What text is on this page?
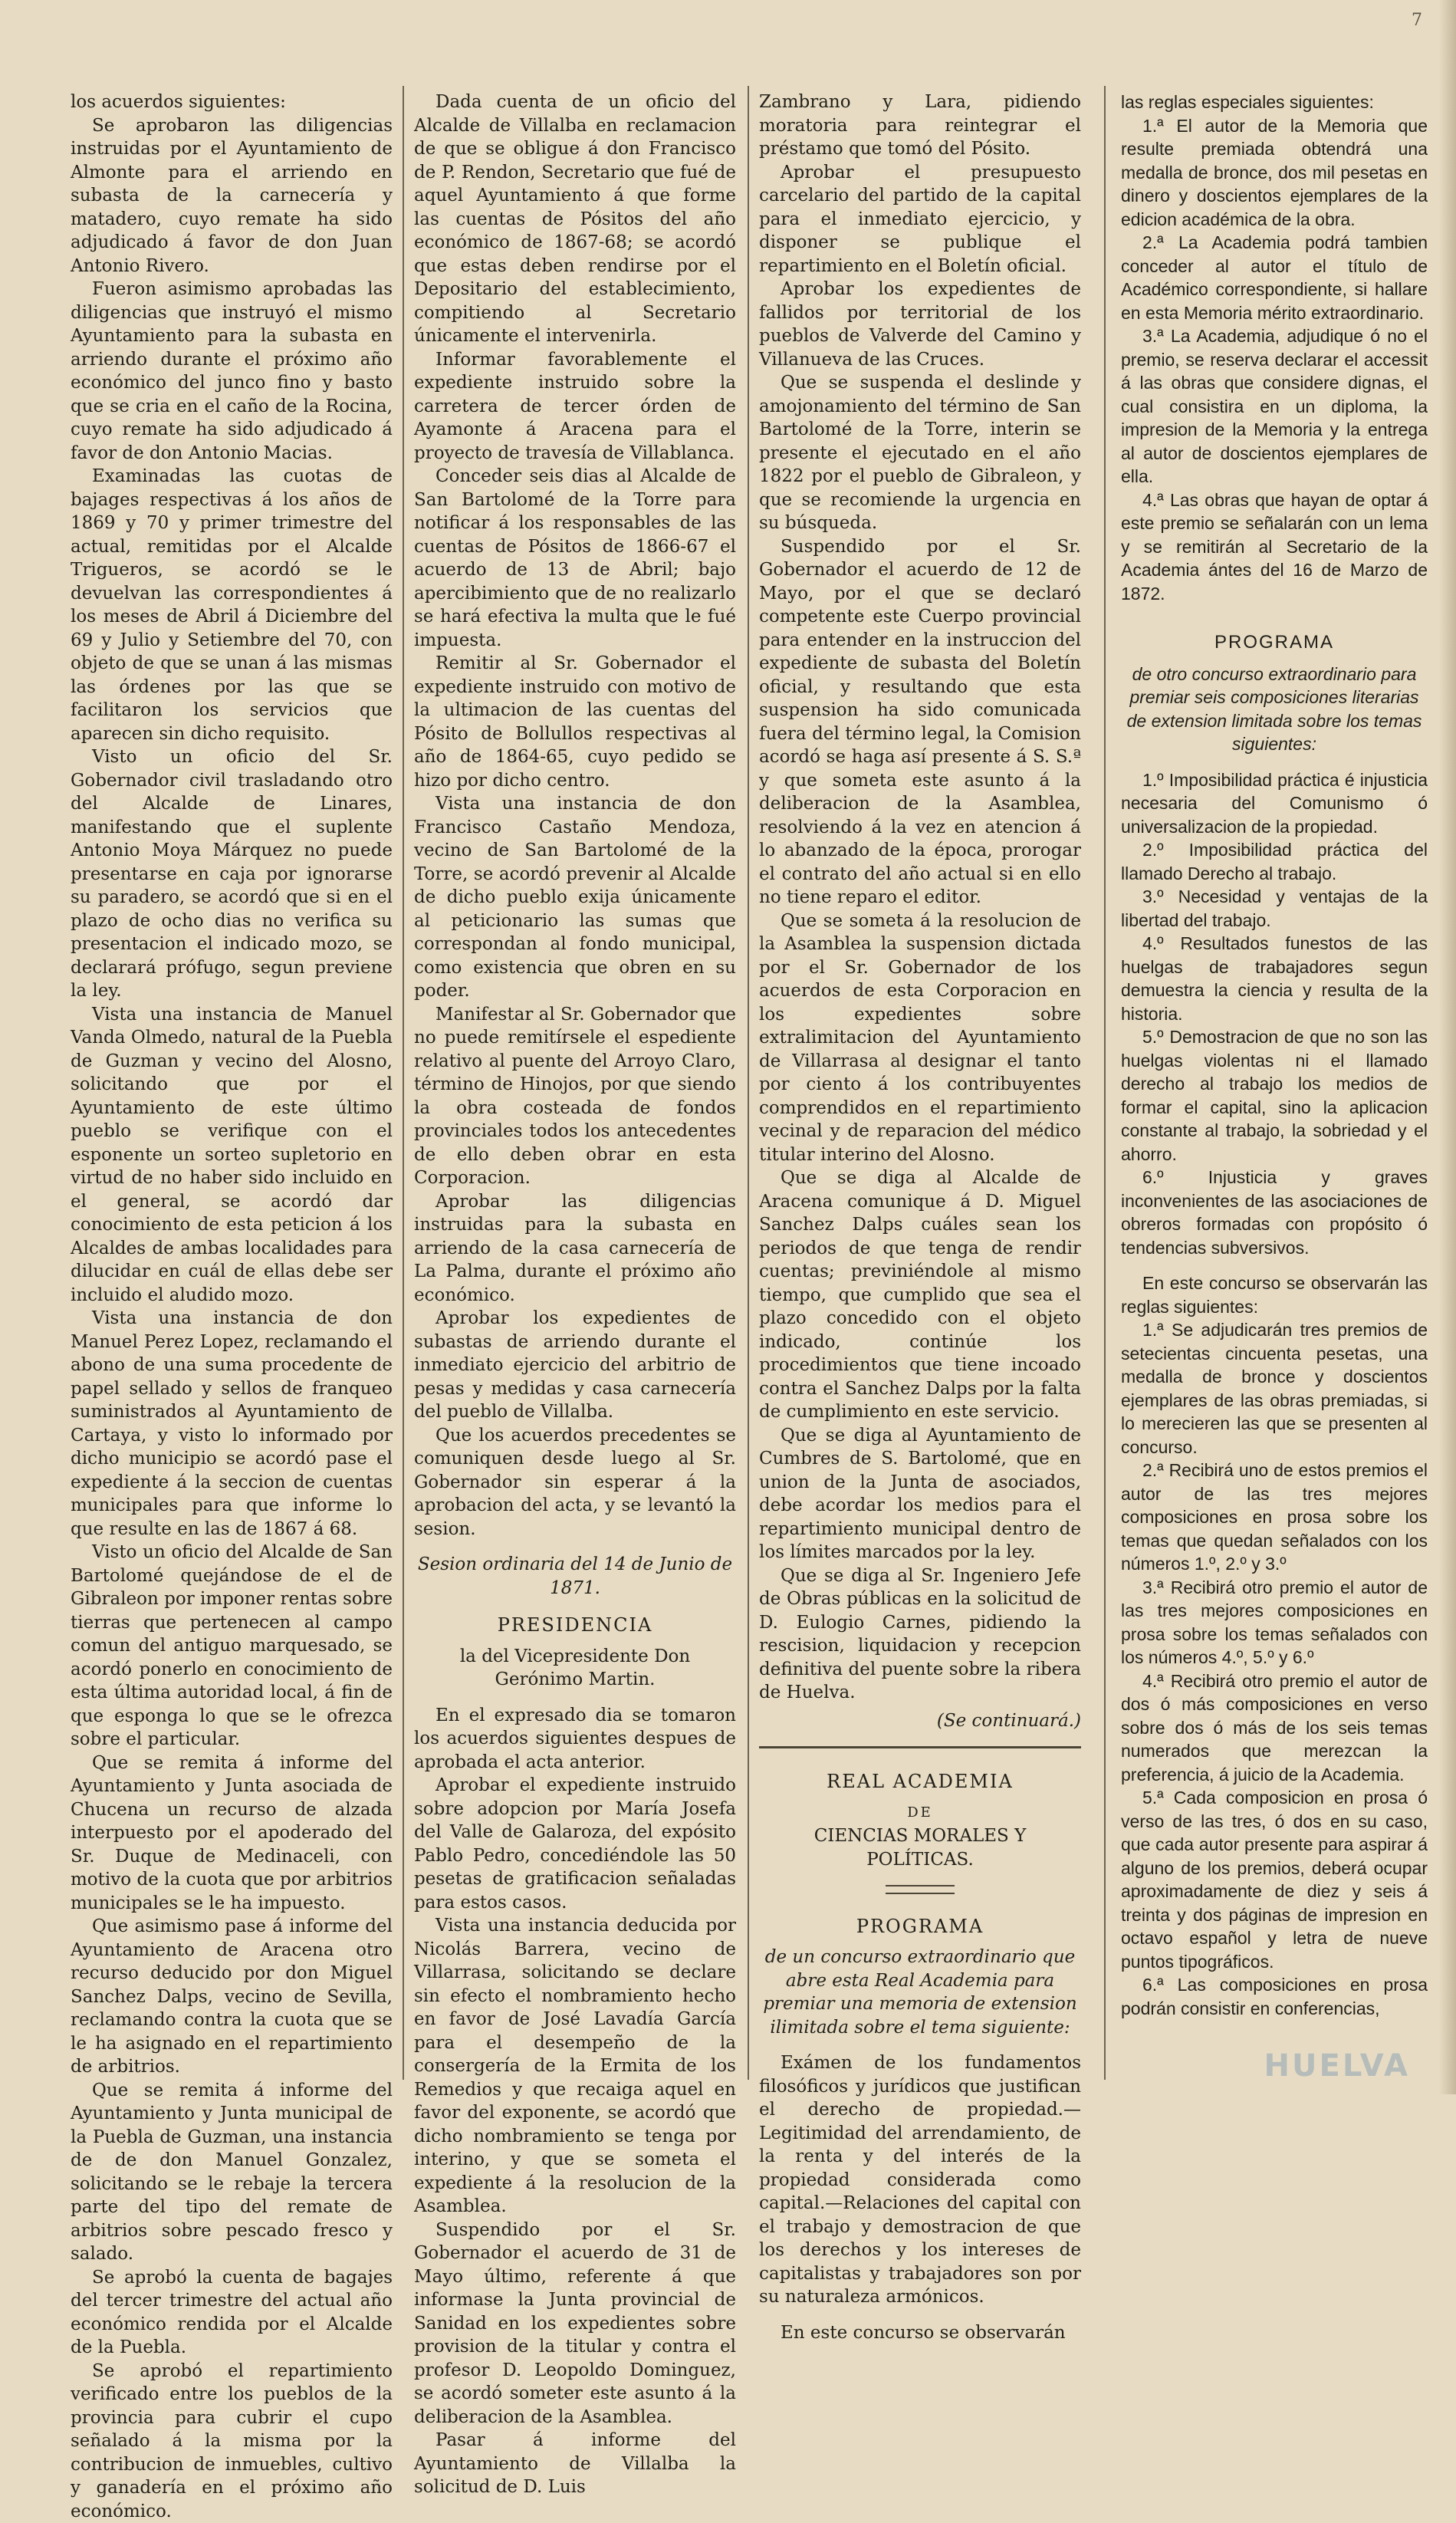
7

los acuerdos siguientes:

Se aprobaron las diligencias instruidas por el Ayuntamiento de Almonte para el arriendo en subasta de la carnecería y matadero, cuyo remate ha sido adjudicado á favor de don Juan Antonio Rivero.

Fueron asimismo aprobadas las diligencias que instruyó el mismo Ayuntamiento para la subasta en arriendo durante el próximo año económico del junco fino y basto que se cria en el caño de la Rocina, cuyo remate ha sido adjudicado á favor de don Antonio Macias.

Examinadas las cuotas de bajages respectivas á los años de 1869 y 70 y primer trimestre del actual, remitidas por el Alcalde Trigueros, se acordó se le devuelvan las correspondientes á los meses de Abril á Diciembre del 69 y Julio y Setiembre del 70, con objeto de que se unan á las mismas las órdenes por las que se facilitaron los servicios que aparecen sin dicho requisito.

Visto un oficio del Sr. Gobernador civil trasladando otro del Alcalde de Linares, manifestando que el suplente Antonio Moya Márquez no puede presentarse en caja por ignorarse su paradero, se acordó que si en el plazo de ocho dias no verifica su presentacion el indicado mozo, se declarará prófugo, segun previene la ley.

Vista una instancia de Manuel Vanda Olmedo, natural de la Puebla de Guzman y vecino del Alosno, solicitando que por el Ayuntamiento de este último pueblo se verifique con el esponente un sorteo supletorio en virtud de no haber sido incluido en el general, se acordó dar conocimiento de esta peticion á los Alcaldes de ambas localidades para dilucidar en cuál de ellas debe ser incluido el aludido mozo.

Vista una instancia de don Manuel Perez Lopez, reclamando el abono de una suma procedente de papel sellado y sellos de franqueo suministrados al Ayuntamiento de Cartaya, y visto lo informado por dicho municipio se acordó pase el expediente á la seccion de cuentas municipales para que informe lo que resulte en las de 1867 á 68.

Visto un oficio del Alcalde de San Bartolomé quejándose de el de Gibraleon por imponer rentas sobre tierras que pertenecen al campo comun del antiguo marquesado, se acordó ponerlo en conocimiento de esta última autoridad local, á fin de que esponga lo que se le ofrezca sobre el particular.

Que se remita á informe del Ayuntamiento y Junta asociada de Chucena un recurso de alzada interpuesto por el apoderado del Sr. Duque de Medinaceli, con motivo de la cuota que por arbitrios municipales se le ha impuesto.

Que asimismo pase á informe del Ayuntamiento de Aracena otro recurso deducido por don Miguel Sanchez Dalps, vecino de Sevilla, reclamando contra la cuota que se le ha asignado en el repartimiento de arbitrios.

Que se remita á informe del Ayuntamiento y Junta municipal de la Puebla de Guzman, una instancia de de don Manuel Gonzalez, solicitando se le rebaje la tercera parte del tipo del remate de arbitrios sobre pescado fresco y salado.

Se aprobó la cuenta de bagajes del tercer trimestre del actual año económico rendida por el Alcalde de la Puebla.

Se aprobó el repartimiento verificado entre los pueblos de la provincia para cubrir el cupo señalado á la misma por la contribucion de inmuebles, cultivo y ganadería en el próximo año económico.

Dada cuenta de un oficio del Alcalde de Villalba en reclamacion de que se obligue á don Francisco de P. Rendon, Secretario que fué de aquel Ayuntamiento á que forme las cuentas de Pósitos del año económico de 1867-68; se acordó que estas deben rendirse por el Depositario del establecimiento, compitiendo al Secretario únicamente el intervenirla.

Informar favorablemente el expediente instruido sobre la carretera de tercer órden de Ayamonte á Aracena para el proyecto de travesía de Villablanca.

Conceder seis dias al Alcalde de San Bartolomé de la Torre para notificar á los responsables de las cuentas de Pósitos de 1866-67 el acuerdo de 13 de Abril; bajo apercibimiento que de no realizarlo se hará efectiva la multa que le fué impuesta.

Remitir al Sr. Gobernador el expediente instruido con motivo de la ultimacion de las cuentas del Pósito de Bollullos respectivas al año de 1864-65, cuyo pedido se hizo por dicho centro.

Vista una instancia de don Francisco Castaño Mendoza, vecino de San Bartolomé de la Torre, se acordó prevenir al Alcalde de dicho pueblo exija únicamente al peticionario las sumas que correspondan al fondo municipal, como existencia que obren en su poder.

Manifestar al Sr. Gobernador que no puede remitírsele el espediente relativo al puente del Arroyo Claro, término de Hinojos, por que siendo la obra costeada de fondos provinciales todos los antecedentes de ello deben obrar en esta Corporacion.

Aprobar las diligencias instruidas para la subasta en arriendo de la casa carnecería de La Palma, durante el próximo año económico.

Aprobar los expedientes de subastas de arriendo durante el inmediato ejercicio del arbitrio de pesas y medidas y casa carnecería del pueblo de Villalba.

Que los acuerdos precedentes se comuniquen desde luego al Sr. Gobernador sin esperar á la aprobacion del acta, y se levantó la sesion.

Sesion ordinaria del 14 de Junio de 1871.

PRESIDENCIA

la del Vicepresidente Don Gerónimo Martin.

En el expresado dia se tomaron los acuerdos siguientes despues de aprobada el acta anterior.

Aprobar el expediente instruido sobre adopcion por María Josefa del Valle de Galaroza, del expósito Pablo Pedro, concediéndole las 50 pesetas de gratificacion señaladas para estos casos.

Vista una instancia deducida por Nicolás Barrera, vecino de Villarrasa, solicitando se declare sin efecto el nombramiento hecho en favor de José Lavadía García para el desempeño de la consergería de la Ermita de los Remedios y que recaiga aquel en favor del exponente, se acordó que dicho nombramiento se tenga por interino, y que se someta el expediente á la resolucion de la Asamblea.

Suspendido por el Sr. Gobernador el acuerdo de 31 de Mayo último, referente á que informase la Junta provincial de Sanidad en los expedientes sobre provision de la titular y contra el profesor D. Leopoldo Dominguez, se acordó someter este asunto á la deliberacion de la Asamblea.

Pasar á informe del Ayuntamiento de Villalba la solicitud de D. Luis

Zambrano y Lara, pidiendo moratoria para reintegrar el préstamo que tomó del Pósito.

Aprobar el presupuesto carcelario del partido de la capital para el inmediato ejercicio, y disponer se publique el repartimiento en el Boletín oficial.

Aprobar los expedientes de fallidos por territorial de los pueblos de Valverde del Camino y Villanueva de las Cruces.

Que se suspenda el deslinde y amojonamiento del término de San Bartolomé de la Torre, interin se presente el ejecutado en el año 1822 por el pueblo de Gibraleon, y que se recomiende la urgencia en su búsqueda.

Suspendido por el Sr. Gobernador el acuerdo de 12 de Mayo, por el que se declaró competente este Cuerpo provincial para entender en la instruccion del expediente de subasta del Boletín oficial, y resultando que esta suspension ha sido comunicada fuera del término legal, la Comision acordó se haga así presente á S. S.ª y que someta este asunto á la deliberacion de la Asamblea, resolviendo á la vez en atencion á lo abanzado de la época, prorogar el contrato del año actual si en ello no tiene reparo el editor.

Que se someta á la resolucion de la Asamblea la suspension dictada por el Sr. Gobernador de los acuerdos de esta Corporacion en los expedientes sobre extralimitacion del Ayuntamiento de Villarrasa al designar el tanto por ciento á los contribuyentes comprendidos en el repartimiento vecinal y de reparacion del médico titular interino del Alosno.

Que se diga al Alcalde de Aracena comunique á D. Miguel Sanchez Dalps cuáles sean los periodos de que tenga de rendir cuentas; previniéndole al mismo tiempo, que cumplido que sea el plazo concedido con el objeto indicado, continúe los procedimientos que tiene incoado contra el Sanchez Dalps por la falta de cumplimiento en este servicio.

Que se diga al Ayuntamiento de Cumbres de S. Bartolomé, que en union de la Junta de asociados, debe acordar los medios para el repartimiento municipal dentro de los límites marcados por la ley.

Que se diga al Sr. Ingeniero Jefe de Obras públicas en la solicitud de D. Eulogio Carnes, pidiendo la rescision, liquidacion y recepcion definitiva del puente sobre la ribera de Huelva.

(Se continuará.)

REAL ACADEMIA

DE

CIENCIAS MORALES Y POLÍTICAS.

PROGRAMA

de un concurso extraordinario que abre esta Real Academia para premiar una memoria de extension ilimitada sobre el tema siguiente:

Exámen de los fundamentos filosóficos y jurídicos que justifican el derecho de propiedad.—Legitimidad del arrendamiento, de la renta y del interés de la propiedad considerada como capital.—Relaciones del capital con el trabajo y demostracion de que los derechos y los intereses de capitalistas y trabajadores son por su naturaleza armónicos.

En este concurso se observarán

las reglas especiales siguientes:

1.ª El autor de la Memoria que resulte premiada obtendrá una medalla de bronce, dos mil pesetas en dinero y doscientos ejemplares de la edicion académica de la obra.

2.ª La Academia podrá tambien conceder al autor el título de Académico correspondiente, si hallare en esta Memoria mérito extraordinario.

3.ª La Academia, adjudique ó no el premio, se reserva declarar el accessit á las obras que considere dignas, el cual consistira en un diploma, la impresion de la Memoria y la entrega al autor de doscientos ejemplares de ella.

4.ª Las obras que hayan de optar á este premio se señalarán con un lema y se remitirán al Secretario de la Academia ántes del 16 de Marzo de 1872.

PROGRAMA

de otro concurso extraordinario para premiar seis composiciones literarias de extension limitada sobre los temas siguientes:

1.º Imposibilidad práctica é injusticia necesaria del Comunismo ó universalizacion de la propiedad.

2.º Imposibilidad práctica del llamado Derecho al trabajo.

3.º Necesidad y ventajas de la libertad del trabajo.

4.º Resultados funestos de las huelgas de trabajadores segun demuestra la ciencia y resulta de la historia.

5.º Demostracion de que no son las huelgas violentas ni el llamado derecho al trabajo los medios de formar el capital, sino la aplicacion constante al trabajo, la sobriedad y el ahorro.

6.º Injusticia y graves inconvenientes de las asociaciones de obreros formadas con propósito ó tendencias subversivos.

En este concurso se observarán las reglas siguientes:

1.ª Se adjudicarán tres premios de setecientas cincuenta pesetas, una medalla de bronce y doscientos ejemplares de las obras premiadas, si lo merecieren las que se presenten al concurso.

2.ª Recibirá uno de estos premios el autor de las tres mejores composiciones en prosa sobre los temas que quedan señalados con los números 1.º, 2.º y 3.º

3.ª Recibirá otro premio el autor de las tres mejores composiciones en prosa sobre los temas señalados con los números 4.º, 5.º y 6.º

4.ª Recibirá otro premio el autor de dos ó más composiciones en verso sobre dos ó más de los seis temas numerados que merezcan la preferencia, á juicio de la Academia.

5.ª Cada composicion en prosa ó verso de las tres, ó dos en su caso, que cada autor presente para aspirar á alguno de los premios, deberá ocupar aproximadamente de diez y seis á treinta y dos páginas de impresion en octavo español y letra de nueve puntos tipográficos.

6.ª Las composiciones en prosa podrán consistir en conferencias,

HUELVA
